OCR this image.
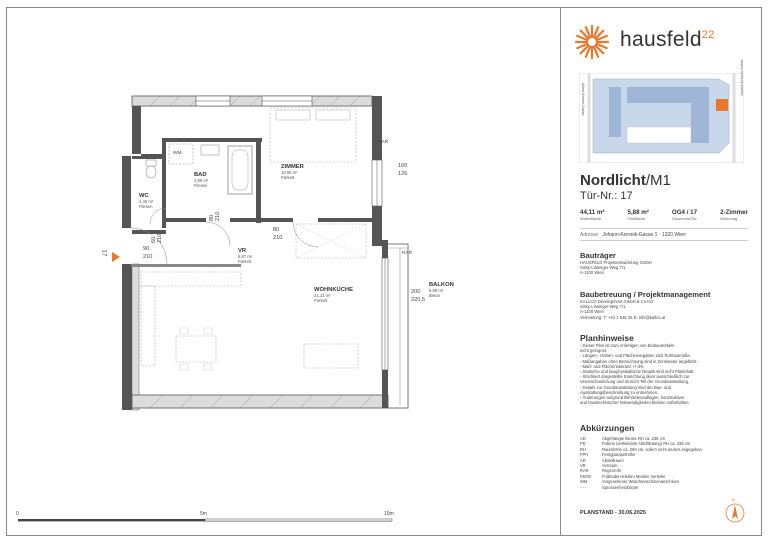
17
WM
BAD
4,86 m²
Fliesen
WC
1,45 m²
Fliesen
ZIMMER
10,60 m²
Parkett
VR
5,87 m²
Parkett
WOHNKÜCHE
21,13 m²
Parkett
BALKON
5,88 m²
Beton
RAR
RAR
160
126
80
210
80
210
60
210
90
210
200
220,5
0	5m	10m
hausfeld$^{22}$
Alfred-Kinner-Gasse
Johann-Kresnik-Gasse
Nordlicht/M1
Tür-Nr.: 17
44,11 m²
Wohnfläche
5,88 m²
Freifläche
OG4 / 17
Geschoss/Tür
2-Zimmer
Wohnung
Adresse Johann-Kresnik-Gasse 1 · 1220 Wien
Bauträger
HAUSFELD Projektentwicklung GmbH
Sissy-Löwinger-Weg 7/1
A-1100 Wien
Baubetreuung / Projektmanagement
KALLCO Development GmbH & Co KG
Sissy-Löwinger-Weg 7/1
A-1100 Wien
Vermietung: T: +43 1 546 25 E: info@kallco.at
Planhinweise
- Dieser Plan ist zum Anfertigen von Einbaumöbeln
nicht geeignet.
- Längen-, Höhen- und Flächenangaben sind Rohbaumaße.
- Maßangaben ohne Bezeichnung sind in Zentimeter angeführt.
- Maß- und Flächentoleranz +/-3%
- Statische und bauphysikalische Details sind nicht Planinhalt.
- Strichliert dargestellte Einrichtung dient ausschließlich zur
Veranschaulichung und ist nicht Teil der Grundausstattung.
- Details zur Grundausstattung sind der Bau- und
Ausstattungsbeschreibung zu entnehmen.
- Änderungen aufgrund Behördenauflagen, konstruktiver
und haustechnischer Notwendigkeiten bleiben vorbehalten.
Abkürzungen
AD	Abgehängte Decke RH ca. 236 cm
PD	Poterie (verkleidete Abluftleitung) RH ca. 236 cm
RH	Raumhöhe ca. 260 cm, sofern nicht anders angegeben
FPH	Fertigparapethöhe
AR	Abstellraum
VR	Vorraum
RAR	Regenrohr
FEMV	Fußboden-Elektro Medien Verteiler
WM	Vorgesehener Waschmaschinenanschluss
- - -	Sprossenheizkörper
PLANSTAND - 30.06.2025
N
